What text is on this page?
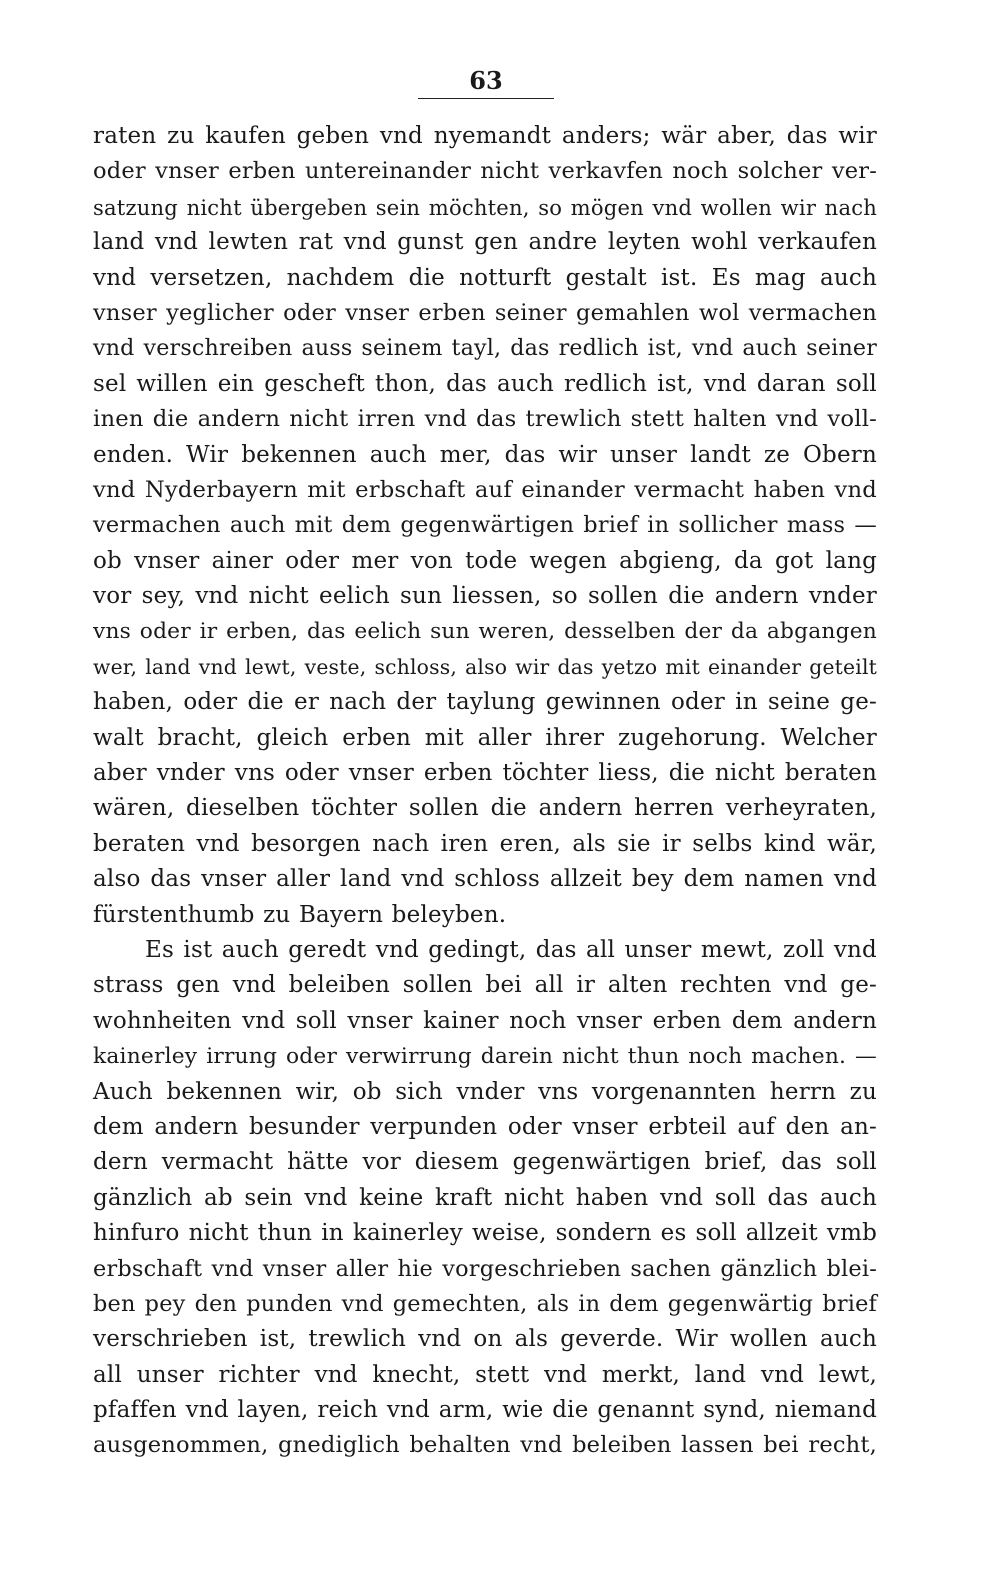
63
raten zu kaufen geben vnd nyemandt anders; wär aber, das wir
oder vnser erben untereinander nicht verkavfen noch solcher ver-
satzung nicht übergeben sein möchten, so mögen vnd wollen wir nach
land vnd lewten rat vnd gunst gen andre leyten wohl verkaufen
vnd versetzen, nachdem die notturft gestalt ist. Es mag auch
vnser yeglicher oder vnser erben seiner gemahlen wol vermachen
vnd verschreiben auss seinem tayl, das redlich ist, vnd auch seiner
sel willen ein gescheft thon, das auch redlich ist, vnd daran soll
inen die andern nicht irren vnd das trewlich stett halten vnd voll-
enden. Wir bekennen auch mer, das wir unser landt ze Obern
vnd Nyderbayern mit erbschaft auf einander vermacht haben vnd
vermachen auch mit dem gegenwärtigen brief in sollicher mass —
ob vnser ainer oder mer von tode wegen abgieng, da got lang
vor sey, vnd nicht eelich sun liessen, so sollen die andern vnder
vns oder ir erben, das eelich sun weren, desselben der da abgangen
wer, land vnd lewt, veste, schloss, also wir das yetzo mit einander geteilt
haben, oder die er nach der taylung gewinnen oder in seine ge-
walt bracht, gleich erben mit aller ihrer zugehorung. Welcher
aber vnder vns oder vnser erben töchter liess, die nicht beraten
wären, dieselben töchter sollen die andern herren verheyraten,
beraten vnd besorgen nach iren eren, als sie ir selbs kind wär,
also das vnser aller land vnd schloss allzeit bey dem namen vnd
fürstenthumb zu Bayern beleyben.
Es ist auch geredt vnd gedingt, das all unser mewt, zoll vnd
strass gen vnd beleiben sollen bei all ir alten rechten vnd ge-
wohnheiten vnd soll vnser kainer noch vnser erben dem andern
kainerley irrung oder verwirrung darein nicht thun noch machen. —
Auch bekennen wir, ob sich vnder vns vorgenannten herrn zu
dem andern besunder verpunden oder vnser erbteil auf den an-
dern vermacht hätte vor diesem gegenwärtigen brief, das soll
gänzlich ab sein vnd keine kraft nicht haben vnd soll das auch
hinfuro nicht thun in kainerley weise, sondern es soll allzeit vmb
erbschaft vnd vnser aller hie vorgeschrieben sachen gänzlich blei-
ben pey den punden vnd gemechten, als in dem gegenwärtig brief
verschrieben ist, trewlich vnd on als geverde. Wir wollen auch
all unser richter vnd knecht, stett vnd merkt, land vnd lewt,
pfaffen vnd layen, reich vnd arm, wie die genannt synd, niemand
ausgenommen, gnediglich behalten vnd beleiben lassen bei recht,
